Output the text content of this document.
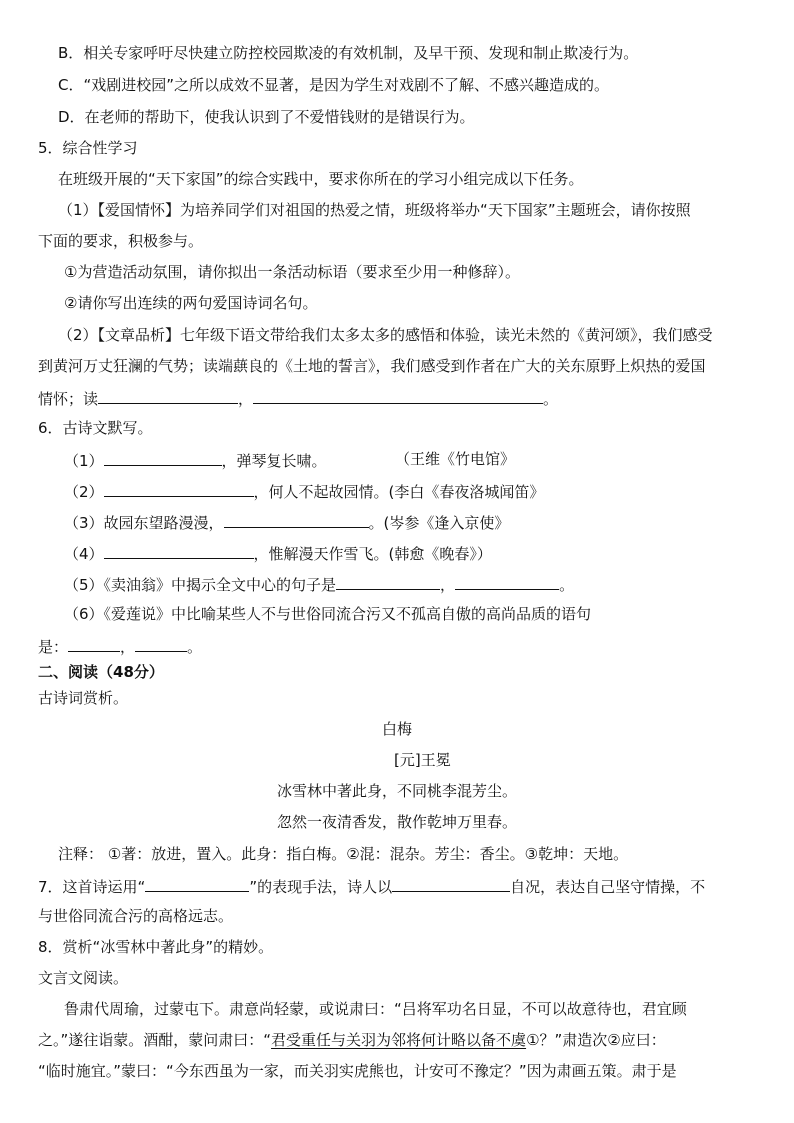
B．相关专家呼吁尽快建立防控校园欺凌的有效机制，及早干预、发现和制止欺凌行为。
C．“戏剧进校园”之所以成效不显著，是因为学生对戏剧不了解、不感兴趣造成的。
D．在老师的帮助下，使我认识到了不爱惜钱财的是错误行为。
5．综合性学习
在班级开展的“天下家国”的综合实践中，要求你所在的学习小组完成以下任务。
（1）【爱国情怀】为培养同学们对祖国的热爱之情，班级将举办“天下国家”主题班会，请你按照
下面的要求，积极参与。
①为营造活动氛围，请你拟出一条活动标语（要求至少用一种修辞）。
②请你写出连续的两句爱国诗词名句。
（2）【文章品析】七年级下语文带给我们太多太多的感悟和体验，读光未然的《黄河颂》，我们感受
到黄河万丈狂澜的气势；读端蕻良的《土地的誓言》，我们感受到作者在广大的关东原野上炽热的爱国
情怀；读	，	。
6．古诗文默写。
（1）	，弹琴复长啸。	（王维《竹电馆》
（2）	，何人不起故园情。(李白《春夜洛城闻笛》
（3）故园东望路漫漫，	。(岑参《逢入京使》
（4）	，惟解漫天作雪飞。(韩愈《晚春》）
（5）《卖油翁》中揭示全文中心的句子是	，	。
（6）《爱莲说》中比喻某些人不与世俗同流合污又不孤高自傲的高尚品质的语句
是：	，	。
二、阅读（48分）
古诗词赏析。
白梅
[元]王冕
冰雪林中著此身，不同桃李混芳尘。
忽然一夜清香发，散作乾坤万里春。
注释： ①著：放进，置入。此身：指白梅。②混：混杂。芳尘：香尘。③乾坤：天地。
7．这首诗运用“	”的表现手法，诗人以	自况，表达自己坚守情操，不
与世俗同流合污的高格远志。
8．赏析“冰雪林中著此身”的精妙。
文言文阅读。
鲁肃代周瑜，过蒙屯下。肃意尚轻蒙，或说肃曰：“吕将军功名日显，不可以故意待也，君宜顾
之。”遂往诣蒙。酒酣，蒙问肃曰：“君受重任与关羽为邻将何计略以备不虞①？”肃造次②应曰：
“临时施宜。”蒙曰：“今东西虽为一家，而关羽实虎熊也，计安可不豫定？”因为肃画五策。肃于是
